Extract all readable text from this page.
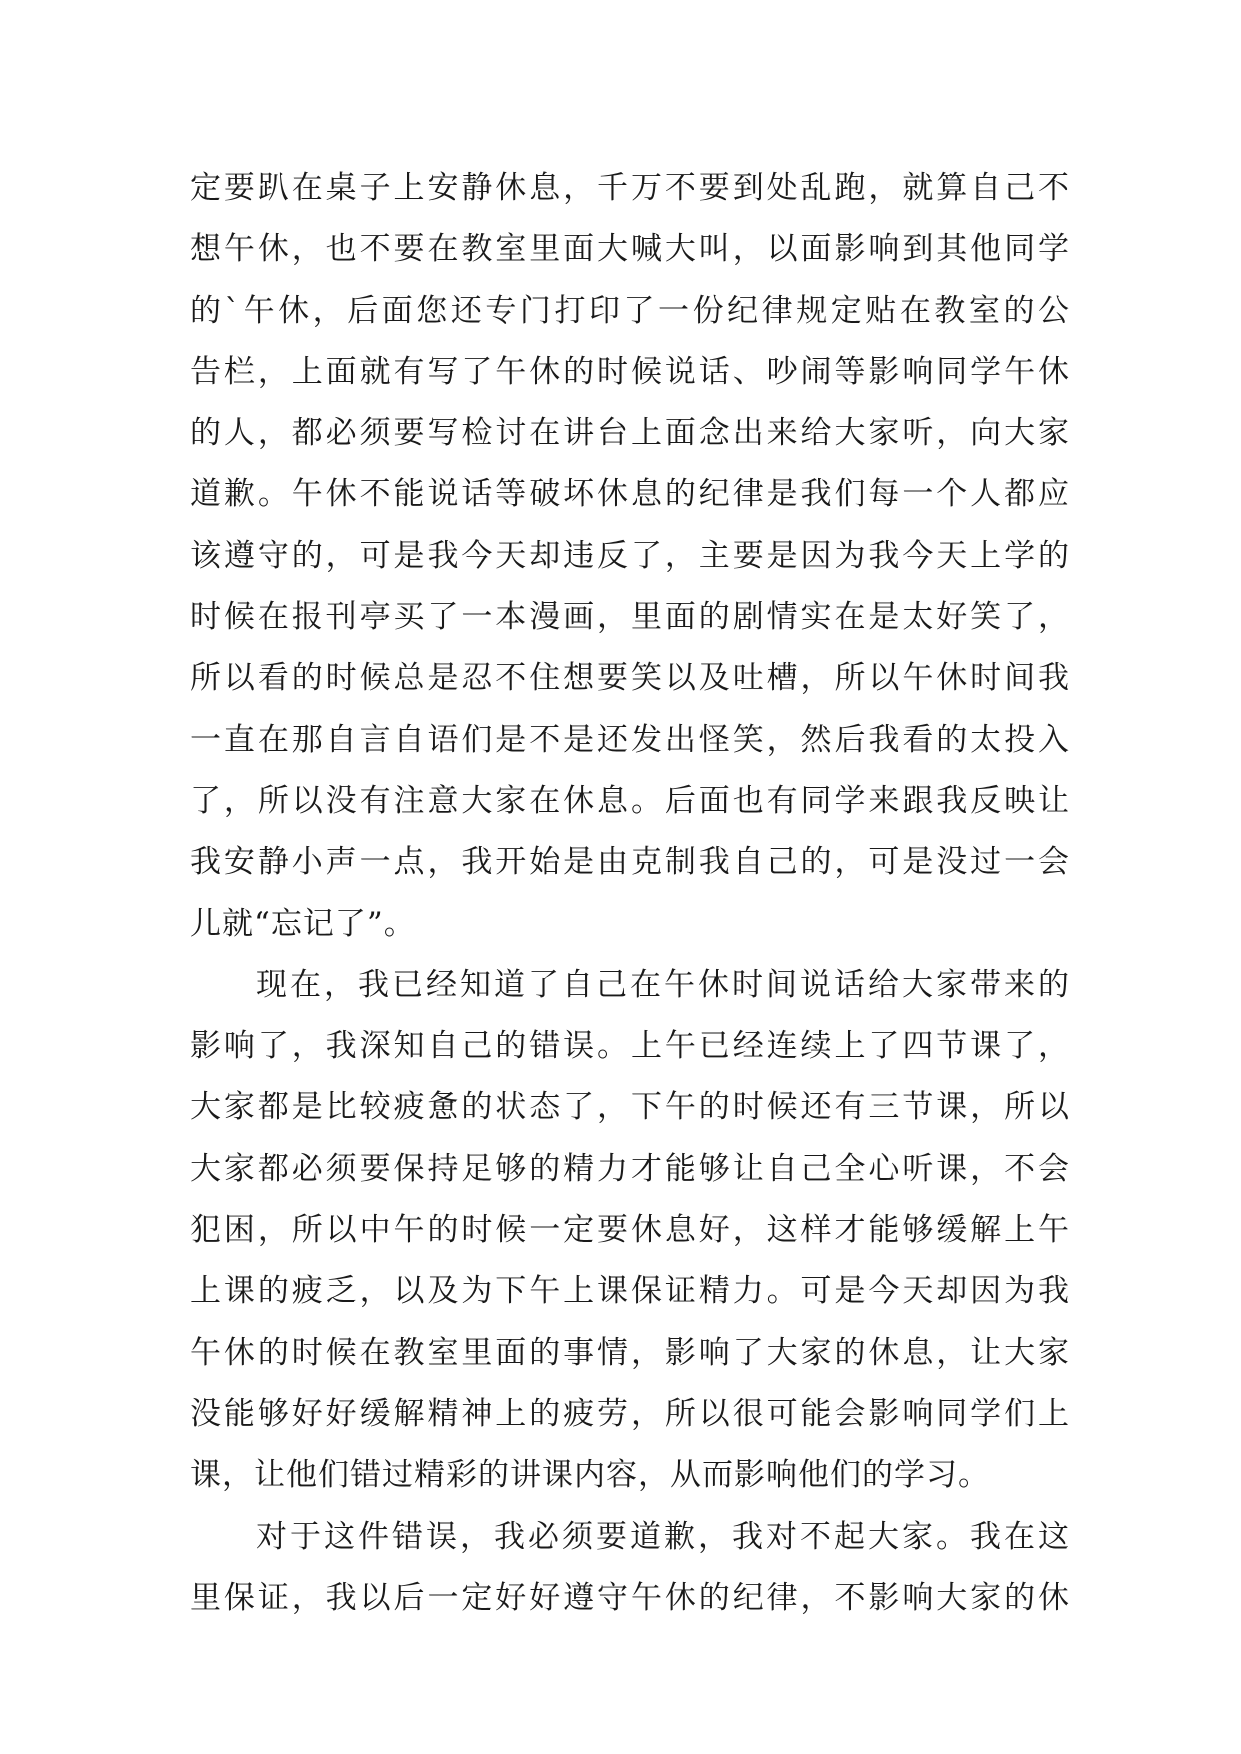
定要趴在桌子上安静休息，千万不要到处乱跑，就算自己不
想午休，也不要在教室里面大喊大叫，以面影响到其他同学
的`午休，后面您还专门打印了一份纪律规定贴在教室的公
告栏，上面就有写了午休的时候说话、吵闹等影响同学午休
的人，都必须要写检讨在讲台上面念出来给大家听，向大家
道歉。午休不能说话等破坏休息的纪律是我们每一个人都应
该遵守的，可是我今天却违反了，主要是因为我今天上学的
时候在报刊亭买了一本漫画，里面的剧情实在是太好笑了，
所以看的时候总是忍不住想要笑以及吐槽，所以午休时间我
一直在那自言自语们是不是还发出怪笑，然后我看的太投入
了，所以没有注意大家在休息。后面也有同学来跟我反映让
我安静小声一点，我开始是由克制我自己的，可是没过一会
儿就“忘记了”。
现在，我已经知道了自己在午休时间说话给大家带来的
影响了，我深知自己的错误。上午已经连续上了四节课了，
大家都是比较疲惫的状态了，下午的时候还有三节课，所以
大家都必须要保持足够的精力才能够让自己全心听课，不会
犯困，所以中午的时候一定要休息好，这样才能够缓解上午
上课的疲乏，以及为下午上课保证精力。可是今天却因为我
午休的时候在教室里面的事情，影响了大家的休息，让大家
没能够好好缓解精神上的疲劳，所以很可能会影响同学们上
课，让他们错过精彩的讲课内容，从而影响他们的学习。
对于这件错误，我必须要道歉，我对不起大家。我在这
里保证，我以后一定好好遵守午休的纪律，不影响大家的休
